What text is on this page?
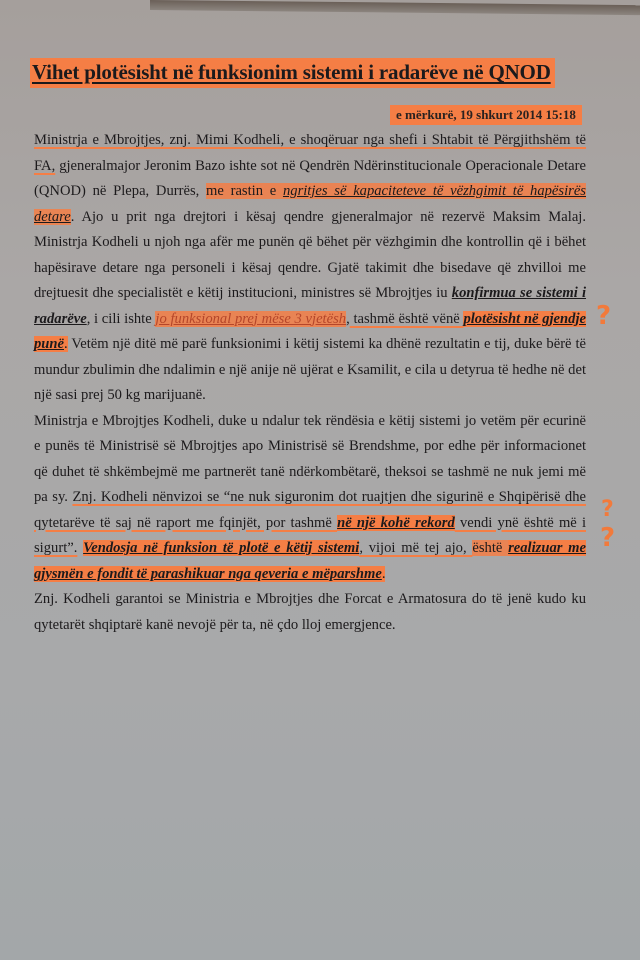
Vihet plotësisht në funksionim sistemi i radarëve në QNOD
e mërkurë, 19 shkurt 2014 15:18

Ministrja e Mbrojtjes, znj. Mimi Kodheli, e shoqëruar nga shefi i Shtabit të Përgjithshëm të FA, gjeneralmajor Jeronim Bazo ishte sot në Qendrën Ndërinstitucionale Operacionale Detare (QNOD) në Plepa, Durrës, me rastin e ngritjes së kapaciteteve të vëzhgimit të hapësirës detare. Ajo u prit nga drejtori i kësaj qendre gjeneralmajor në rezervë Maksim Malaj. Ministrja Kodheli u njoh nga afër me punën që bëhet për vëzhgimin dhe kontrollin që i bëhet hapësirave detare nga personeli i kësaj qendre. Gjatë takimit dhe bisedave që zhvilloi me drejtuesit dhe specialistët e këtij institucioni, ministres së Mbrojtjes iu konfirmua se sistemi i radarëve, i cili ishte jo funksional prej mëse 3 vjetësh, tashmë është vënë plotësisht në gjendje punë. Vetëm një ditë më parë funksionimi i këtij sistemi ka dhënë rezultatin e tij, duke bërë të mundur zbulimin dhe ndalimin e një anije në ujërat e Ksamilit, e cila u detyrua të hedhe në det një sasi prej 50 kg marijuanë.

Ministrja e Mbrojtjes Kodheli, duke u ndalur tek rëndësia e këtij sistemi jo vetëm për ecurinë e punës të Ministrisë së Mbrojtjes apo Ministrisë së Brendshme, por edhe për informacionet që duhet të shkëmbejmë me partnerët tanë ndërkombëtarë, theksoi se tashmë ne nuk jemi më pa sy. Znj. Kodheli nënvizoi se “ne nuk siguronim dot ruajtjen dhe sigurinë e Shqipërisë dhe qytetarëve të saj në raport me fqinjët, por tashmë në një kohë rekord vendi ynë është më i sigurt”. Vendosja në funksion të plotë e këtij sistemi, vijoi më tej ajo, është realizuar me gjysmën e fondit të parashikuar nga qeveria e mëparshme.

Znj. Kodheli garantoi se Ministria e Mbrojtjes dhe Forcat e Armatosura do të jenë kudo ku qytetarët shqiptarë kanë nevojë për ta, në çdo lloj emergjence.

?
?
?
